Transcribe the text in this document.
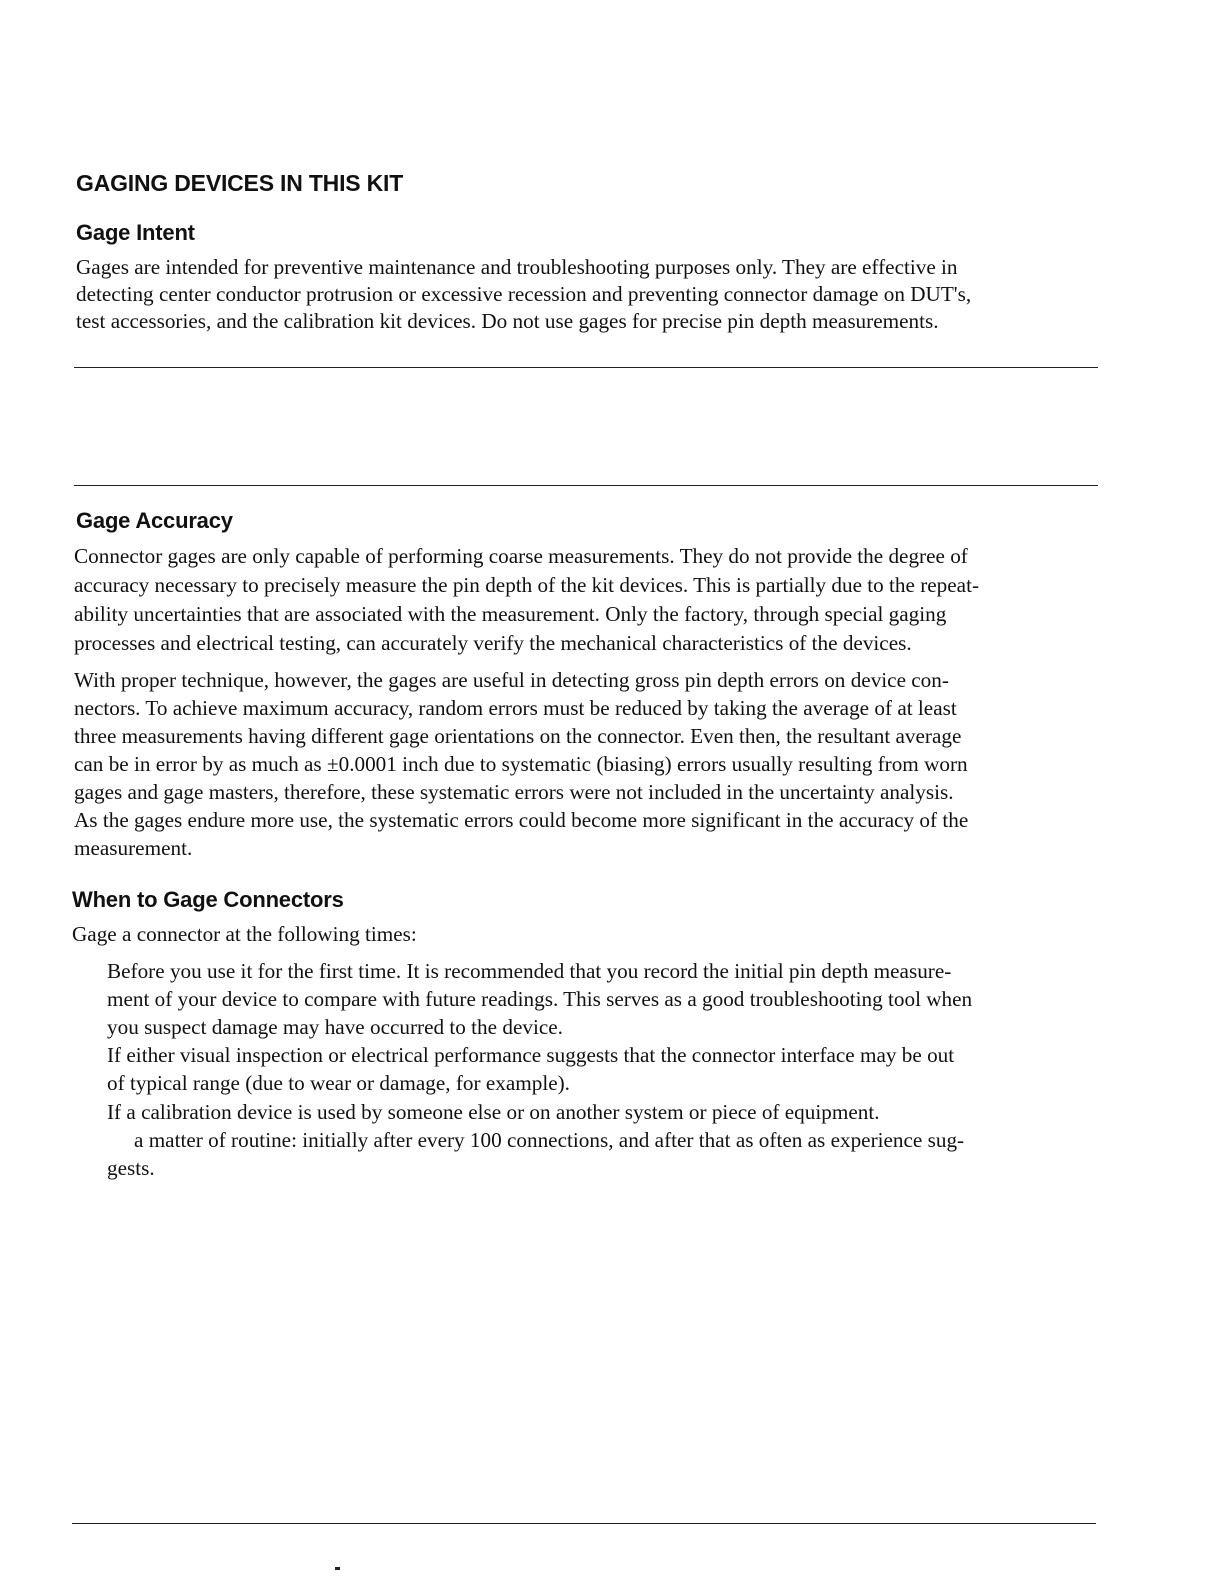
GAGING DEVICES IN THIS KIT
Gage Intent
Gages are intended for preventive maintenance and troubleshooting purposes only. They are effective in
detecting center conductor protrusion or excessive recession and preventing connector damage on DUT's,
test accessories, and the calibration kit devices. Do not use gages for precise pin depth measurements.
Gage Accuracy
Connector gages are only capable of performing coarse measurements. They do not provide the degree of
accuracy necessary to precisely measure the pin depth of the kit devices. This is partially due to the repeat-
ability uncertainties that are associated with the measurement. Only the factory, through special gaging
processes and electrical testing, can accurately verify the mechanical characteristics of the devices.
With proper technique, however, the gages are useful in detecting gross pin depth errors on device con-
nectors. To achieve maximum accuracy, random errors must be reduced by taking the average of at least
three measurements having different gage orientations on the connector. Even then, the resultant average
can be in error by as much as ±0.0001 inch due to systematic (biasing) errors usually resulting from worn
gages and gage masters, therefore, these systematic errors were not included in the uncertainty analysis.
As the gages endure more use, the systematic errors could become more significant in the accuracy of the
measurement.
When to Gage Connectors
Gage a connector at the following times:
Before you use it for the first time. It is recommended that you record the initial pin depth measure-
ment of your device to compare with future readings. This serves as a good troubleshooting tool when
you suspect damage may have occurred to the device.
If either visual inspection or electrical performance suggests that the connector interface may be out
of typical range (due to wear or damage, for example).
If a calibration device is used by someone else or on another system or piece of equipment.
a matter of routine: initially after every 100 connections, and after that as often as experience sug-
gests.
